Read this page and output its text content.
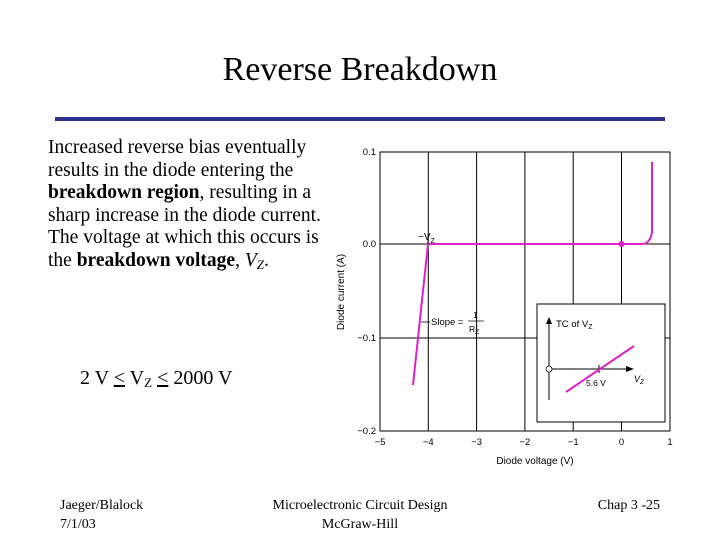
Reverse Breakdown
Increased reverse bias eventually results in the diode entering the breakdown region, resulting in a sharp increase in the diode current. The voltage at which this occurs is the breakdown voltage, $V_Z$.
2 $V \le V_Z \le 2000$ V
0.1
0.0
−0.1
−0.2
−5	−4	−3	−2	−1	0	1
Diode voltage (V)
Diode current (A)
$-V_Z$
Slope =
1
$R_Z$
TC of $V_Z$
5.6 V	$V_Z$
Jaeger/Blalock
7/1/03
Microelectronic Circuit Design
McGraw-Hill
Chap 3 -25
